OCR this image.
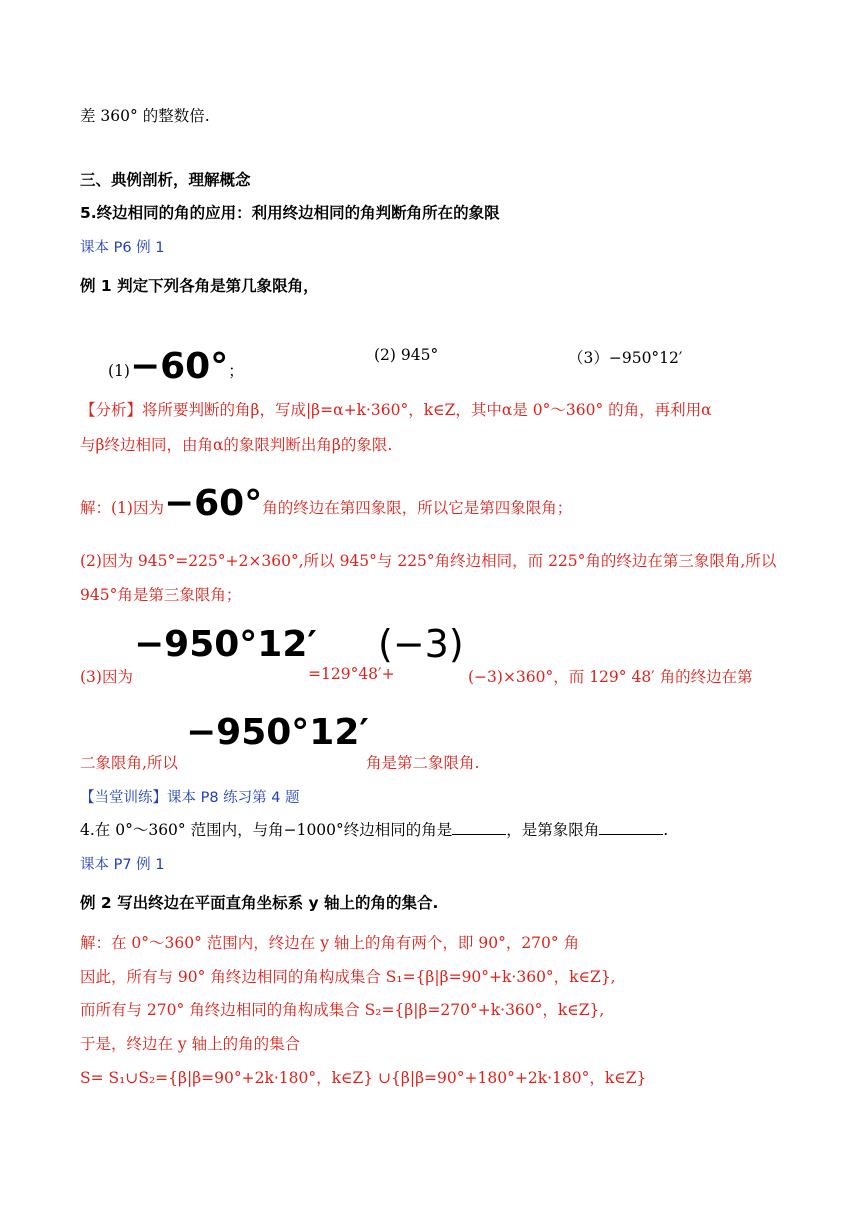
差 360° 的整数倍.
三、典例剖析，理解概念
5.终边相同的角的应用：利用终边相同的角判断角所在的象限
课本 P6 例 1
例 1 判定下列各角是第几象限角，
(1)−60°；
(2) 945°	（3）−950°12′
【分析】将所要判断的角β，写成|β=α+k·360°，k∈Z，其中α是 0°～360° 的角，再利用α
与β终边相同，由角α的象限判断出角β的象限.
解：(1)因为−60°角的终边在第四象限，所以它是第四象限角；
(2)因为 945°=225°+2×360°,所以 945°与 225°角终边相同，而 225°角的终边在第三象限角,所以
945°角是第三象限角；
−950°12′ (−3)
(3)因为	=129°48′+	(−3)×360°，而 129° 48′ 角的终边在第
−950°12′
二象限角,所以	角是第二象限角.
【当堂训练】课本 P8 练习第 4 题
4.在 0°～360° 范围内，与角−1000°终边相同的角是	，是第象限角	.
课本 P7 例 1
例 2 写出终边在平面直角坐标系 y 轴上的角的集合.
解：在 0°～360° 范围内，终边在 y 轴上的角有两个，即 90°，270° 角
因此，所有与 90° 角终边相同的角构成集合 S₁={β|β=90°+k·360°，k∈Z},
而所有与 270° 角终边相同的角构成集合 S₂={β|β=270°+k·360°，k∈Z},
于是，终边在 y 轴上的角的集合
S= S₁∪S₂={β|β=90°+2k·180°，k∈Z} ∪{β|β=90°+180°+2k·180°，k∈Z}
